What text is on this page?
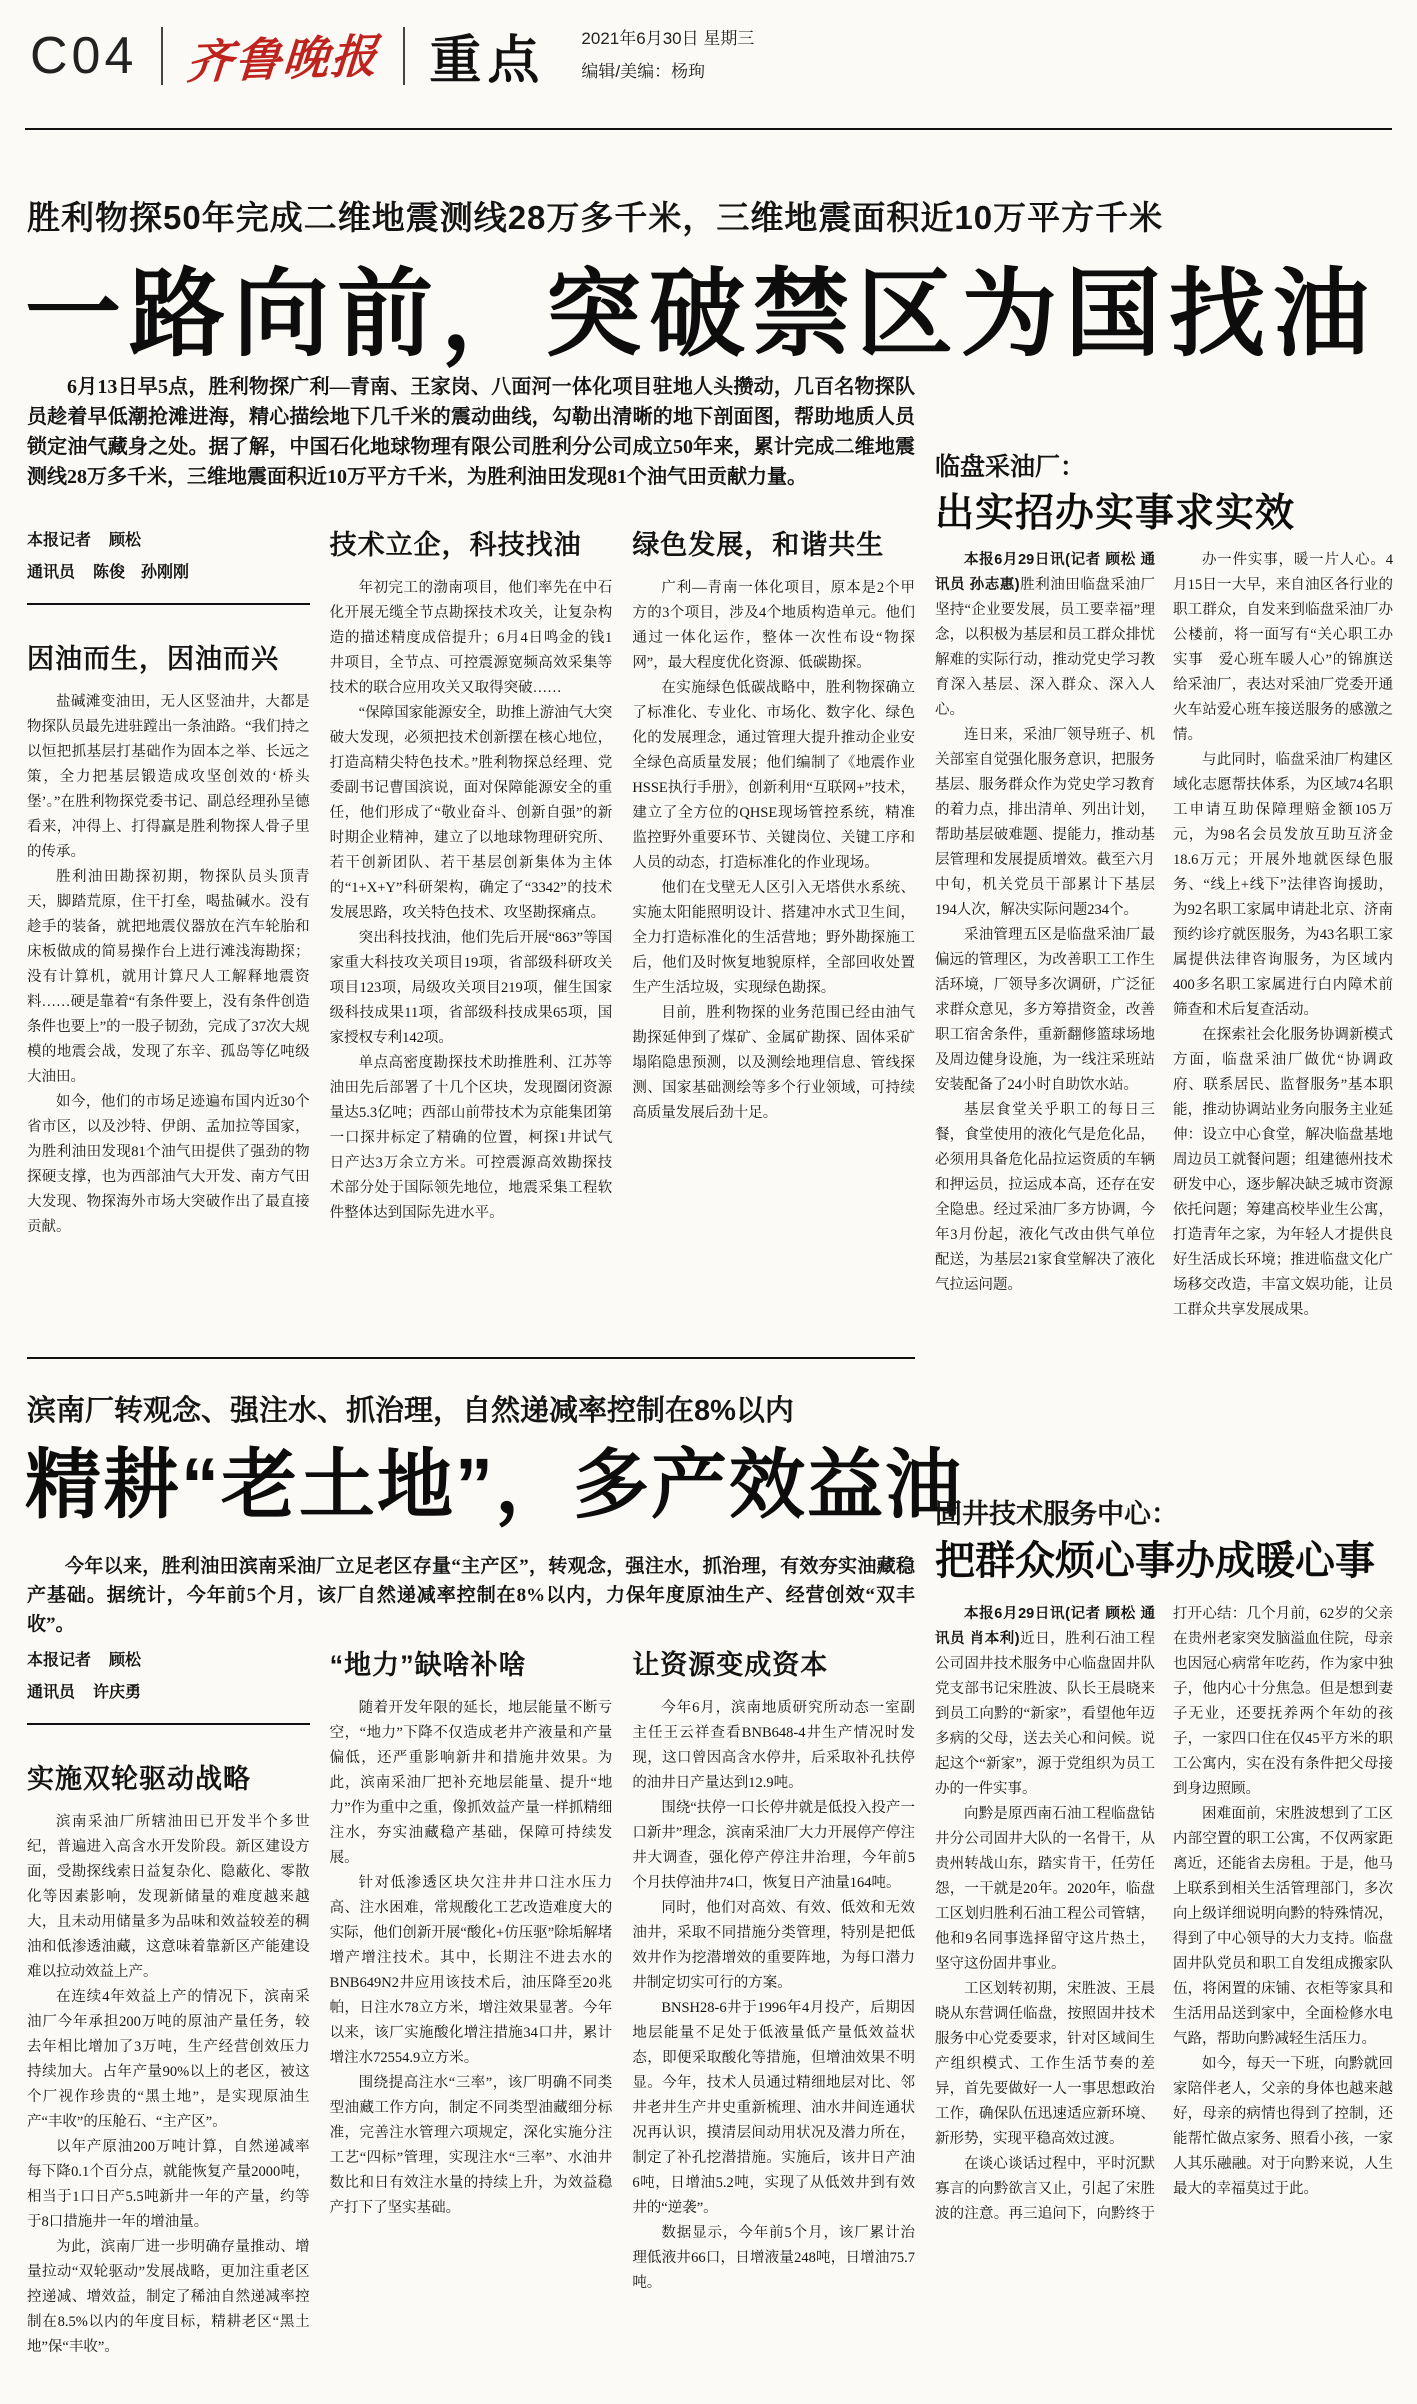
C04 齐鲁晚报 重点 2021年6月30日 星期三
编辑/美编：杨珣
胜利物探50年完成二维地震测线28万多千米，三维地震面积近10万平方千米
一路向前，突破禁区为国找油

6月13日早5点，胜利物探广利—青南、王家岗、八面河一体化项目驻地人头攒动，几百名物探队员趁着早低潮抢滩进海，精心描绘地下几千米的震动曲线，勾勒出清晰的地下剖面图，帮助地质人员锁定油气藏身之处。据了解，中国石化地球物理有限公司胜利分公司成立50年来，累计完成二维地震测线28万多千米，三维地震面积近10万平方千米，为胜利油田发现81个油气田贡献力量。

本报记者 顾松
通讯员 陈俊　孙刚刚
因油而生，因油而兴

盐碱滩变油田，无人区竖油井，大都是物探队员最先进驻蹚出一条油路。“我们持之以恒把抓基层打基础作为固本之举、长远之策，全力把基层锻造成攻坚创效的‘桥头堡’。”在胜利物探党委书记、副总经理孙呈德看来，冲得上、打得赢是胜利物探人骨子里的传承。

胜利油田勘探初期，物探队员头顶青天，脚踏荒原，住干打垒，喝盐碱水。没有趁手的装备，就把地震仪器放在汽车轮胎和床板做成的简易操作台上进行滩浅海勘探；没有计算机，就用计算尺人工解释地震资料……硬是靠着“有条件要上，没有条件创造条件也要上”的一股子韧劲，完成了37次大规模的地震会战，发现了东辛、孤岛等亿吨级大油田。

如今，他们的市场足迹遍布国内近30个省市区，以及沙特、伊朗、孟加拉等国家，为胜利油田发现81个油气田提供了强劲的物探硬支撑，也为西部油气大开发、南方气田大发现、物探海外市场大突破作出了最直接贡献。

技术立企，科技找油

年初完工的渤南项目，他们率先在中石化开展无缆全节点勘探技术攻关，让复杂构造的描述精度成倍提升；6月4日鸣金的钱1井项目，全节点、可控震源宽频高效采集等技术的联合应用攻关又取得突破……

“保障国家能源安全，助推上游油气大突破大发现，必须把技术创新摆在核心地位，打造高精尖特色技术。”胜利物探总经理、党委副书记曹国滨说，面对保障能源安全的重任，他们形成了“敬业奋斗、创新自强”的新时期企业精神，建立了以地球物理研究所、若干创新团队、若干基层创新集体为主体的“1+X+Y”科研架构，确定了“3342”的技术发展思路，攻关特色技术、攻坚勘探痛点。

突出科技找油，他们先后开展“863”等国家重大科技攻关项目19项，省部级科研攻关项目123项，局级攻关项目219项，催生国家级科技成果11项，省部级科技成果65项，国家授权专利142项。

单点高密度勘探技术助推胜利、江苏等油田先后部署了十几个区块，发现圈闭资源量达5.3亿吨；西部山前带技术为京能集团第一口探井标定了精确的位置，柯探1井试气日产达3万余立方米。可控震源高效勘探技术部分处于国际领先地位，地震采集工程软件整体达到国际先进水平。

绿色发展，和谐共生

广利—青南一体化项目，原本是2个甲方的3个项目，涉及4个地质构造单元。他们通过一体化运作，整体一次性布设“物探网”，最大程度优化资源、低碳勘探。

在实施绿色低碳战略中，胜利物探确立了标准化、专业化、市场化、数字化、绿色化的发展理念，通过管理大提升推动企业安全绿色高质量发展；他们编制了《地震作业HSSE执行手册》，创新利用“互联网+”技术，建立了全方位的QHSE现场管控系统，精准监控野外重要环节、关键岗位、关键工序和人员的动态，打造标准化的作业现场。

他们在戈壁无人区引入无塔供水系统、实施太阳能照明设计、搭建冲水式卫生间，全力打造标准化的生活营地；野外勘探施工后，他们及时恢复地貌原样，全部回收处置生产生活垃圾，实现绿色勘探。

目前，胜利物探的业务范围已经由油气勘探延伸到了煤矿、金属矿勘探、固体采矿塌陷隐患预测，以及测绘地理信息、管线探测、国家基础测绘等多个行业领域，可持续高质量发展后劲十足。

滨南厂转观念、强注水、抓治理，自然递减率控制在8%以内
精耕“老土地”，多产效益油

今年以来，胜利油田滨南采油厂立足老区存量“主产区”，转观念，强注水，抓治理，有效夯实油藏稳产基础。据统计，今年前5个月，该厂自然递减率控制在8%以内，力保年度原油生产、经营创效“双丰收”。

本报记者 顾松
通讯员 许庆勇
实施双轮驱动战略

滨南采油厂所辖油田已开发半个多世纪，普遍进入高含水开发阶段。新区建设方面，受勘探线索日益复杂化、隐蔽化、零散化等因素影响，发现新储量的难度越来越大，且未动用储量多为品味和效益较差的稠油和低渗透油藏，这意味着靠新区产能建设难以拉动效益上产。

在连续4年效益上产的情况下，滨南采油厂今年承担200万吨的原油产量任务，较去年相比增加了3万吨，生产经营创效压力持续加大。占年产量90%以上的老区，被这个厂视作珍贵的“黑土地”，是实现原油生产“丰收”的压舱石、“主产区”。

以年产原油200万吨计算，自然递减率每下降0.1个百分点，就能恢复产量2000吨，相当于1口日产5.5吨新井一年的产量，约等于8口措施井一年的增油量。

为此，滨南厂进一步明确存量推动、增量拉动“双轮驱动”发展战略，更加注重老区控递减、增效益，制定了稀油自然递减率控制在8.5%以内的年度目标，精耕老区“黑土地”保“丰收”。

“地力”缺啥补啥

随着开发年限的延长，地层能量不断亏空，“地力”下降不仅造成老井产液量和产量偏低，还严重影响新井和措施井效果。为此，滨南采油厂把补充地层能量、提升“地力”作为重中之重，像抓效益产量一样抓精细注水，夯实油藏稳产基础，保障可持续发展。

针对低渗透区块欠注井井口注水压力高、注水困难，常规酸化工艺改造难度大的实际，他们创新开展“酸化+仿压驱”除垢解堵增产增注技术。其中，长期注不进去水的BNB649N2井应用该技术后，油压降至20兆帕，日注水78立方米，增注效果显著。今年以来，该厂实施酸化增注措施34口井，累计增注水72554.9立方米。

围绕提高注水“三率”，该厂明确不同类型油藏工作方向，制定不同类型油藏细分标准，完善注水管理六项规定，深化实施分注工艺“四标”管理，实现注水“三率”、水油井数比和日有效注水量的持续上升，为效益稳产打下了坚实基础。

让资源变成资本

今年6月，滨南地质研究所动态一室副主任王云祥查看BNB648-4井生产情况时发现，这口曾因高含水停井，后采取补孔扶停的油井日产量达到12.9吨。

围绕“扶停一口长停井就是低投入投产一口新井”理念，滨南采油厂大力开展停产停注井大调查，强化停产停注井治理，今年前5个月扶停油井74口，恢复日产油量164吨。

同时，他们对高效、有效、低效和无效油井，采取不同措施分类管理，特别是把低效井作为挖潜增效的重要阵地，为每口潜力井制定切实可行的方案。

BNSH28-6井于1996年4月投产，后期因地层能量不足处于低液量低产量低效益状态，即便采取酸化等措施，但增油效果不明显。今年，技术人员通过精细地层对比、邻井老井生产井史重新梳理、油水井间连通状况再认识，摸清层间动用状况及潜力所在，制定了补孔挖潜措施。实施后，该井日产油6吨，日增油5.2吨，实现了从低效井到有效井的“逆袭”。

数据显示，今年前5个月，该厂累计治理低液井66口，日增液量248吨，日增油75.7吨。

临盘采油厂：
出实招办实事求实效

本报6月29日讯(记者 顾松 通讯员 孙志惠)胜利油田临盘采油厂坚持“企业要发展，员工要幸福”理念，以积极为基层和员工群众排忧解难的实际行动，推动党史学习教育深入基层、深入群众、深入人心。

连日来，采油厂领导班子、机关部室自觉强化服务意识，把服务基层、服务群众作为党史学习教育的着力点，排出清单、列出计划，帮助基层破难题、提能力，推动基层管理和发展提质增效。截至六月中旬，机关党员干部累计下基层194人次，解决实际问题234个。

采油管理五区是临盘采油厂最偏远的管理区，为改善职工工作生活环境，厂领导多次调研，广泛征求群众意见，多方筹措资金，改善职工宿舍条件，重新翻修篮球场地及周边健身设施，为一线注采班站安装配备了24小时自助饮水站。

基层食堂关乎职工的每日三餐，食堂使用的液化气是危化品，必须用具备危化品拉运资质的车辆和押运员，拉运成本高，还存在安全隐患。经过采油厂多方协调，今年3月份起，液化气改由供气单位配送，为基层21家食堂解决了液化气拉运问题。

办一件实事，暖一片人心。4月15日一大早，来自油区各行业的职工群众，自发来到临盘采油厂办公楼前，将一面写有“关心职工办实事　爱心班车暖人心”的锦旗送给采油厂，表达对采油厂党委开通火车站爱心班车接送服务的感激之情。

与此同时，临盘采油厂构建区域化志愿帮扶体系，为区域74名职工申请互助保障理赔金额105万元，为98名会员发放互助互济金18.6万元；开展外地就医绿色服务、“线上+线下”法律咨询援助，为92名职工家属申请赴北京、济南预约诊疗就医服务，为43名职工家属提供法律咨询服务，为区域内400多名职工家属进行白内障术前筛查和术后复查活动。

在探索社会化服务协调新模式方面，临盘采油厂做优“协调政府、联系居民、监督服务”基本职能，推动协调站业务向服务主业延伸：设立中心食堂，解决临盘基地周边员工就餐问题；组建德州技术研发中心，逐步解决缺乏城市资源依托问题；筹建高校毕业生公寓，打造青年之家，为年轻人才提供良好生活成长环境；推进临盘文化广场移交改造，丰富文娱功能，让员工群众共享发展成果。

固井技术服务中心：
把群众烦心事办成暖心事

本报6月29日讯(记者 顾松 通讯员 肖本利)近日，胜利石油工程公司固井技术服务中心临盘固井队党支部书记宋胜波、队长王晨晓来到员工向黔的“新家”，看望他年迈多病的父母，送去关心和问候。说起这个“新家”，源于党组织为员工办的一件实事。

向黔是原西南石油工程临盘钻井分公司固井大队的一名骨干，从贵州转战山东，踏实肯干，任劳任怨，一干就是20年。2020年，临盘工区划归胜利石油工程公司管辖，他和9名同事选择留守这片热土，坚守这份固井事业。

工区划转初期，宋胜波、王晨晓从东营调任临盘，按照固井技术服务中心党委要求，针对区域间生产组织模式、工作生活节奏的差异，首先要做好一人一事思想政治工作，确保队伍迅速适应新环境、新形势，实现平稳高效过渡。

在谈心谈话过程中，平时沉默寡言的向黔欲言又止，引起了宋胜波的注意。再三追问下，向黔终于打开心结：几个月前，62岁的父亲在贵州老家突发脑溢血住院，母亲也因冠心病常年吃药，作为家中独子，他内心十分焦急。但是想到妻子无业，还要抚养两个年幼的孩子，一家四口住在仅45平方米的职工公寓内，实在没有条件把父母接到身边照顾。

困难面前，宋胜波想到了工区内部空置的职工公寓，不仅两家距离近，还能省去房租。于是，他马上联系到相关生活管理部门，多次向上级详细说明向黔的特殊情况，得到了中心领导的大力支持。临盘固井队党员和职工自发组成搬家队伍，将闲置的床铺、衣柜等家具和生活用品送到家中，全面检修水电气路，帮助向黔减轻生活压力。

如今，每天一下班，向黔就回家陪伴老人，父亲的身体也越来越好，母亲的病情也得到了控制，还能帮忙做点家务、照看小孩，一家人其乐融融。对于向黔来说，人生最大的幸福莫过于此。
